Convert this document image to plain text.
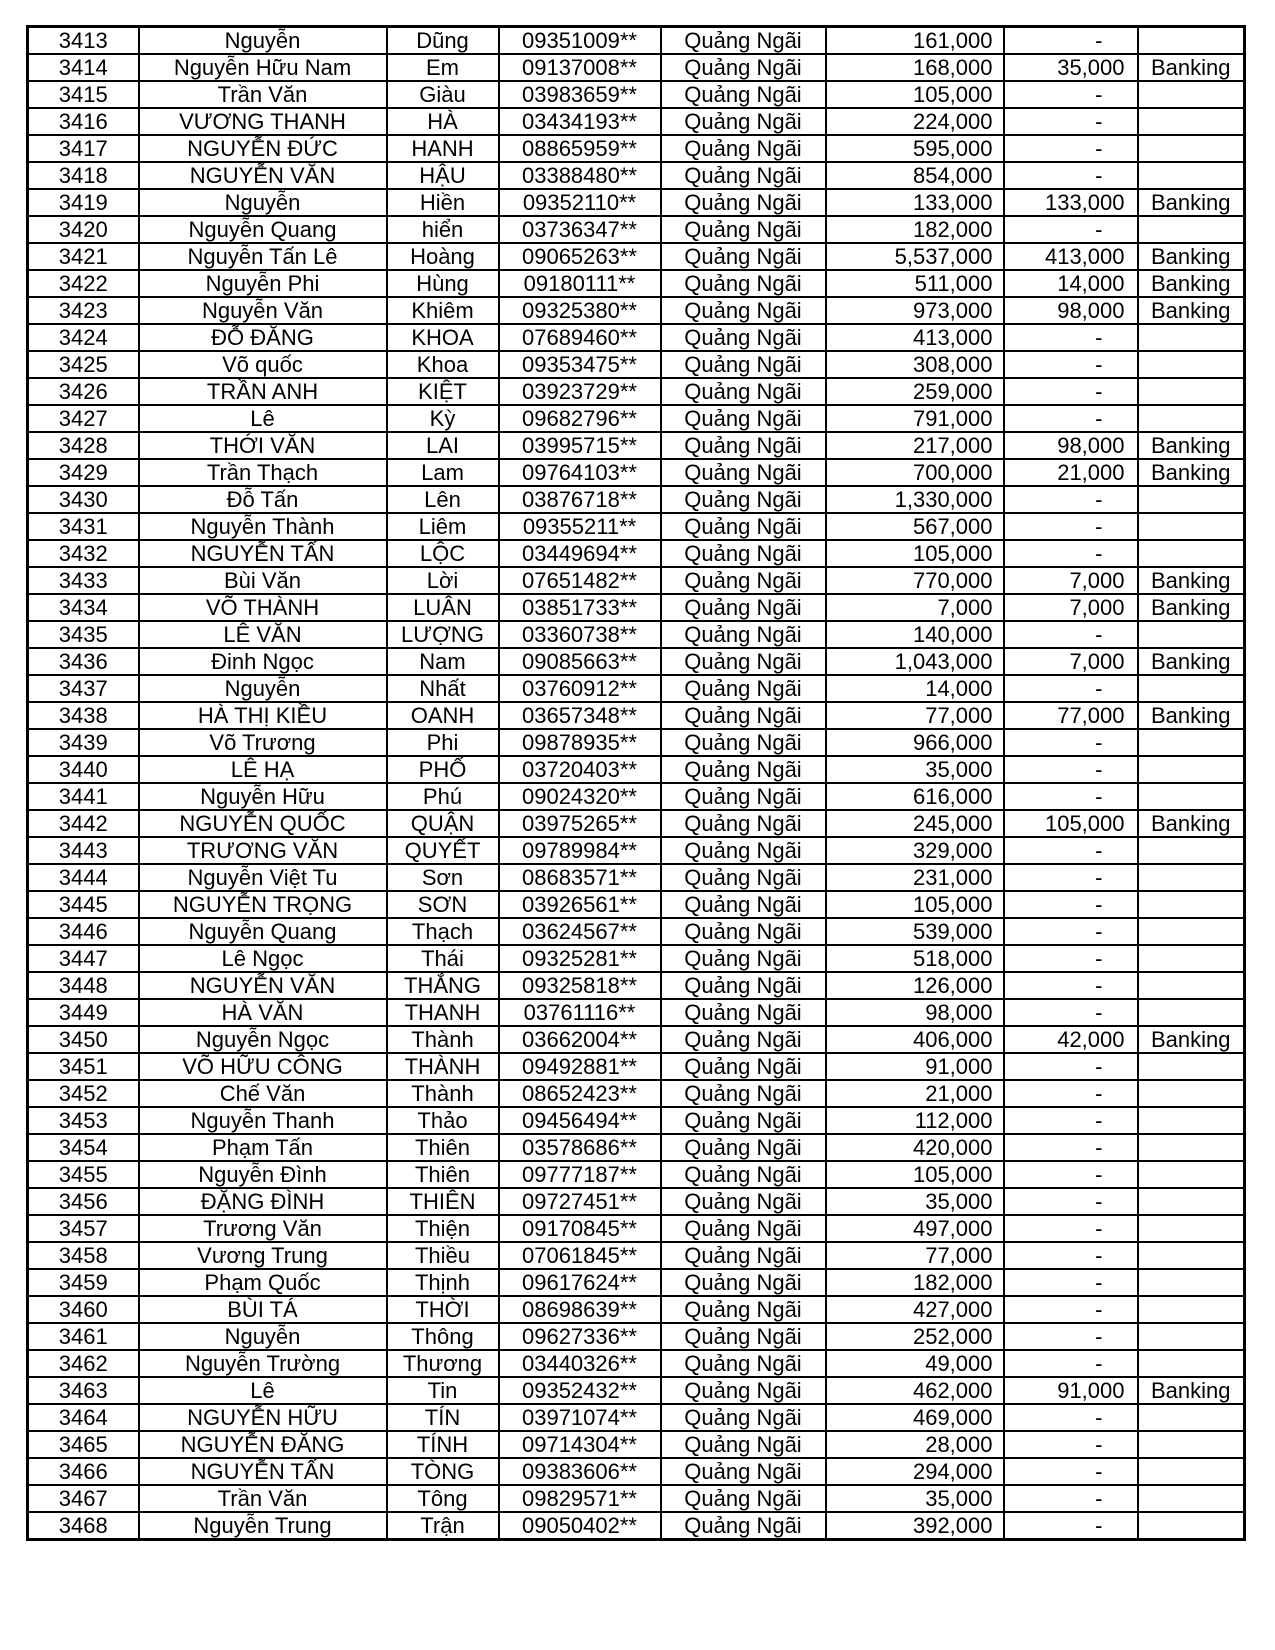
3413	Nguyễn	Dũng	09351009**	Quảng Ngãi	161,000	-	
3414	Nguyễn Hữu Nam	Em	09137008**	Quảng Ngãi	168,000	35,000	Banking
3415	Trần Văn	Giàu	03983659**	Quảng Ngãi	105,000	-	
3416	VƯƠNG THANH	HÀ	03434193**	Quảng Ngãi	224,000	-	
3417	NGUYỄN ĐỨC	HANH	08865959**	Quảng Ngãi	595,000	-	
3418	NGUYỄN VĂN	HẬU	03388480**	Quảng Ngãi	854,000	-	
3419	Nguyễn	Hiền	09352110**	Quảng Ngãi	133,000	133,000	Banking
3420	Nguyễn Quang	hiển	03736347**	Quảng Ngãi	182,000	-	
3421	Nguyễn Tấn Lê	Hoàng	09065263**	Quảng Ngãi	5,537,000	413,000	Banking
3422	Nguyễn Phi	Hùng	09180111**	Quảng Ngãi	511,000	14,000	Banking
3423	Nguyễn Văn	Khiêm	09325380**	Quảng Ngãi	973,000	98,000	Banking
3424	ĐỖ ĐĂNG	KHOA	07689460**	Quảng Ngãi	413,000	-	
3425	Võ quốc	Khoa	09353475**	Quảng Ngãi	308,000	-	
3426	TRẦN ANH	KIỆT	03923729**	Quảng Ngãi	259,000	-	
3427	Lê	Kỳ	09682796**	Quảng Ngãi	791,000	-	
3428	THỚI VĂN	LAI	03995715**	Quảng Ngãi	217,000	98,000	Banking
3429	Trần Thạch	Lam	09764103**	Quảng Ngãi	700,000	21,000	Banking
3430	Đỗ Tấn	Lên	03876718**	Quảng Ngãi	1,330,000	-	
3431	Nguyễn Thành	Liêm	09355211**	Quảng Ngãi	567,000	-	
3432	NGUYỄN TẤN	LỘC	03449694**	Quảng Ngãi	105,000	-	
3433	Bùi Văn	Lời	07651482**	Quảng Ngãi	770,000	7,000	Banking
3434	VÕ THÀNH	LUÂN	03851733**	Quảng Ngãi	7,000	7,000	Banking
3435	LÊ VĂN	LƯỢNG	03360738**	Quảng Ngãi	140,000	-	
3436	Đinh Ngọc	Nam	09085663**	Quảng Ngãi	1,043,000	7,000	Banking
3437	Nguyễn	Nhất	03760912**	Quảng Ngãi	14,000	-	
3438	HÀ THỊ KIỀU	OANH	03657348**	Quảng Ngãi	77,000	77,000	Banking
3439	Võ Trương	Phi	09878935**	Quảng Ngãi	966,000	-	
3440	LÊ HẠ	PHỐ	03720403**	Quảng Ngãi	35,000	-	
3441	Nguyễn Hữu	Phú	09024320**	Quảng Ngãi	616,000	-	
3442	NGUYỄN QUỐC	QUẬN	03975265**	Quảng Ngãi	245,000	105,000	Banking
3443	TRƯƠNG VĂN	QUYẾT	09789984**	Quảng Ngãi	329,000	-	
3444	Nguyễn Việt Tu	Sơn	08683571**	Quảng Ngãi	231,000	-	
3445	NGUYỄN TRỌNG	SƠN	03926561**	Quảng Ngãi	105,000	-	
3446	Nguyễn Quang	Thạch	03624567**	Quảng Ngãi	539,000	-	
3447	Lê Ngọc	Thái	09325281**	Quảng Ngãi	518,000	-	
3448	NGUYỄN VĂN	THẮNG	09325818**	Quảng Ngãi	126,000	-	
3449	HÀ VĂN	THANH	03761116**	Quảng Ngãi	98,000	-	
3450	Nguyễn Ngọc	Thành	03662004**	Quảng Ngãi	406,000	42,000	Banking
3451	VÕ HỮU CÔNG	THÀNH	09492881**	Quảng Ngãi	91,000	-	
3452	Chế Văn	Thành	08652423**	Quảng Ngãi	21,000	-	
3453	Nguyễn Thanh	Thảo	09456494**	Quảng Ngãi	112,000	-	
3454	Phạm Tấn	Thiên	03578686**	Quảng Ngãi	420,000	-	
3455	Nguyễn Đình	Thiên	09777187**	Quảng Ngãi	105,000	-	
3456	ĐẶNG ĐÌNH	THIÊN	09727451**	Quảng Ngãi	35,000	-	
3457	Trương Văn	Thiện	09170845**	Quảng Ngãi	497,000	-	
3458	Vương Trung	Thiều	07061845**	Quảng Ngãi	77,000	-	
3459	Phạm Quốc	Thịnh	09617624**	Quảng Ngãi	182,000	-	
3460	BÙI TÁ	THỜI	08698639**	Quảng Ngãi	427,000	-	
3461	Nguyễn	Thông	09627336**	Quảng Ngãi	252,000	-	
3462	Nguyễn Trường	Thương	03440326**	Quảng Ngãi	49,000	-	
3463	Lê	Tin	09352432**	Quảng Ngãi	462,000	91,000	Banking
3464	NGUYỄN HỮU	TÍN	03971074**	Quảng Ngãi	469,000	-	
3465	NGUYỄN ĐĂNG	TÍNH	09714304**	Quảng Ngãi	28,000	-	
3466	NGUYỄN TẤN	TÒNG	09383606**	Quảng Ngãi	294,000	-	
3467	Trần Văn	Tông	09829571**	Quảng Ngãi	35,000	-	
3468	Nguyễn Trung	Trận	09050402**	Quảng Ngãi	392,000	-	
